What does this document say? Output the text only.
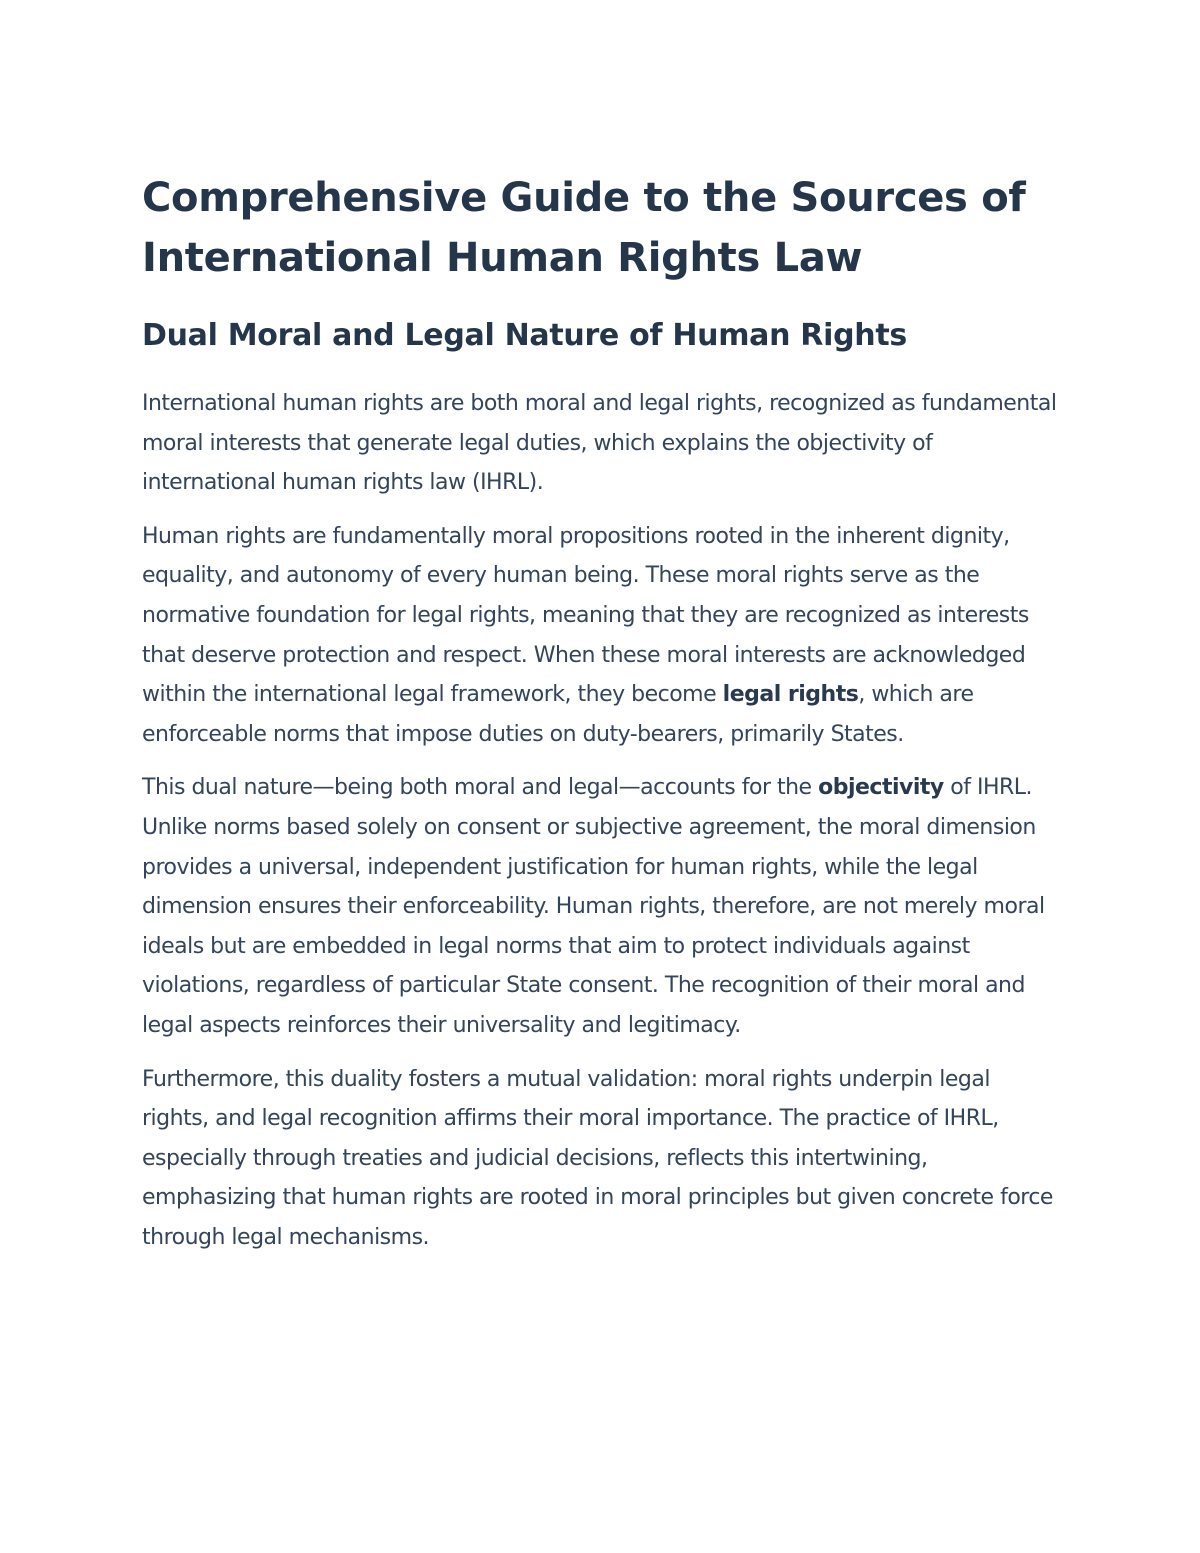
Comprehensive Guide to the Sources of International Human Rights Law
Dual Moral and Legal Nature of Human Rights

International human rights are both moral and legal rights, recognized as fundamental moral interests that generate legal duties, which explains the objectivity of international human rights law (IHRL).

Human rights are fundamentally moral propositions rooted in the inherent dignity, equality, and autonomy of every human being. These moral rights serve as the normative foundation for legal rights, meaning that they are recognized as interests that deserve protection and respect. When these moral interests are acknowledged within the international legal framework, they become legal rights, which are enforceable norms that impose duties on duty-bearers, primarily States.

This dual nature—being both moral and legal—accounts for the objectivity of IHRL. Unlike norms based solely on consent or subjective agreement, the moral dimension provides a universal, independent justification for human rights, while the legal dimension ensures their enforceability. Human rights, therefore, are not merely moral ideals but are embedded in legal norms that aim to protect individuals against violations, regardless of particular State consent. The recognition of their moral and legal aspects reinforces their universality and legitimacy.

Furthermore, this duality fosters a mutual validation: moral rights underpin legal rights, and legal recognition affirms their moral importance. The practice of IHRL, especially through treaties and judicial decisions, reflects this intertwining, emphasizing that human rights are rooted in moral principles but given concrete force through legal mechanisms.
